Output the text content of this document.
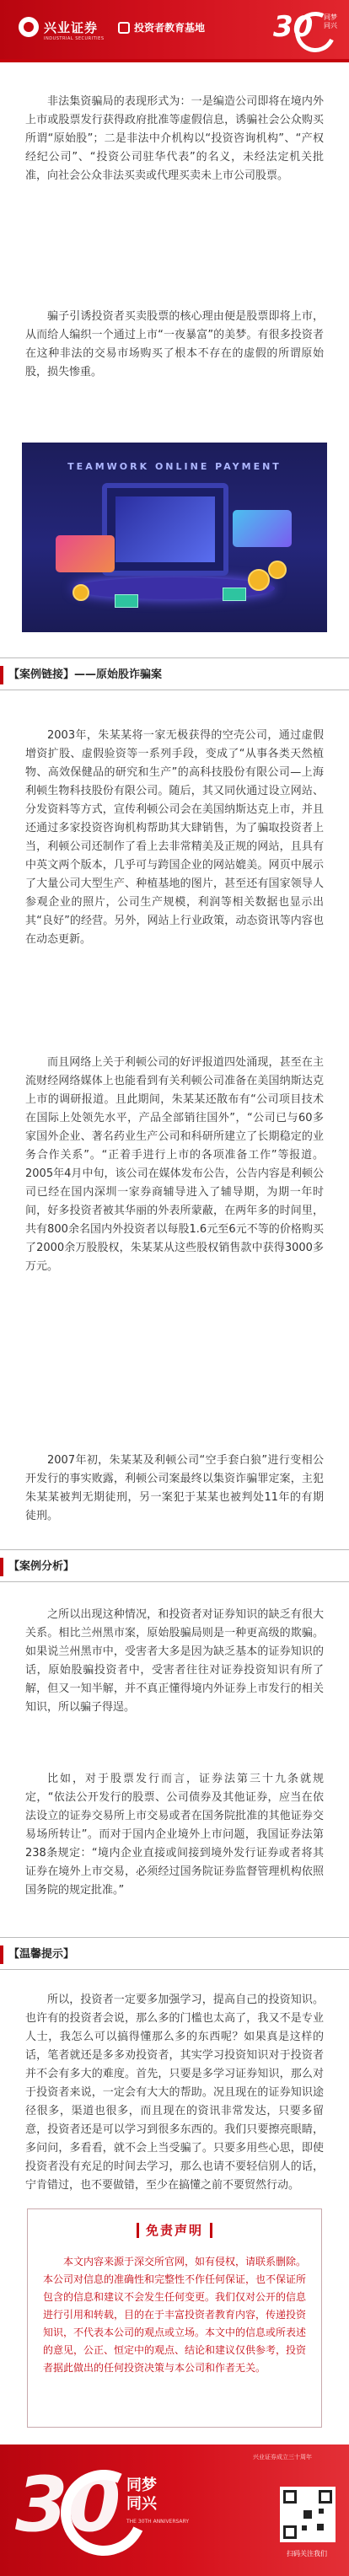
兴业证券
INDUSTRIAL SECURITIES
投资者教育基地 30 同梦 同兴

非法集资骗局的表现形式为：一是编造公司即将在境内外上市或股票发行获得政府批准等虚假信息，诱骗社会公众购买所谓“原始股”；二是非法中介机构以“投资咨询机构”、“产权经纪公司”、“投资公司驻华代表”的名义，未经法定机关批准，向社会公众非法买卖或代理买卖未上市公司股票。

骗子引诱投资者买卖股票的核心理由便是股票即将上市，从而给人编织一个通过上市“一夜暴富”的美梦。有很多投资者在这种非法的交易市场购买了根本不存在的虚假的所谓原始股，损失惨重。

TEAMWORK ONLINE PAYMENT
【案例链接】——原始股诈骗案

2003年，朱某某将一家无极获得的空壳公司，通过虚假增资扩股、虚假验资等一系列手段，变成了“从事各类天然植物、高效保健品的研究和生产”的高科技股份有限公司—上海利顿生物科技股份有限公司。随后，其又同伙通过设立网站、分发资料等方式，宣传利顿公司会在美国纳斯达克上市，并且还通过多家投资咨询机构帮助其大肆销售，为了骗取投资者上当，利顿公司还制作了看上去非常精美及正规的网站，且具有中英文两个版本，几乎可与跨国企业的网站媲美。网页中展示了大量公司大型生产、种植基地的图片，甚至还有国家领导人参观企业的照片，公司生产规模，利润等相关数据也显示出其“良好”的经营。另外，网站上行业政策，动态资讯等内容也在动态更新。

而且网络上关于利顿公司的好评报道四处涌现，甚至在主流财经网络媒体上也能看到有关利顿公司准备在美国纳斯达克上市的调研报道。且此期间，朱某某还散布有“公司项目技术在国际上处领先水平，产品全部销往国外”，“公司已与60多家国外企业、著名药业生产公司和科研所建立了长期稳定的业务合作关系”。“正着手进行上市的各项准备工作”等报道。2005年4月中旬，该公司在媒体发布公告，公告内容是利顿公司已经在国内深圳一家券商辅导进入了辅导期，为期一年时间，好多投资者被其华丽的外表所蒙蔽，在两年多的时间里，共有800余名国内外投资者以每股1.6元至6元不等的价格购买了2000余万股股权，朱某某从这些股权销售款中获得3000多万元。

2007年初，朱某某及利顿公司“空手套白狼”进行变相公开发行的事实败露，利顿公司案最终以集资诈骗罪定案，主犯朱某某被判无期徒刑，另一案犯于某某也被判处11年的有期徒刑。

【案例分析】

之所以出现这种情况，和投资者对证券知识的缺乏有很大关系。相比兰州黑市案，原始股骗局则是一种更高级的欺骗。如果说兰州黑市中，受害者大多是因为缺乏基本的证券知识的话，原始股骗投资者中，受害者往往对证券投资知识有所了解，但又一知半解，并不真正懂得境内外证券上市发行的相关知识，所以骗子得逞。

比如，对于股票发行而言，证券法第三十九条就规定，“依法公开发行的股票、公司债券及其他证券，应当在依法设立的证券交易所上市交易或者在国务院批准的其他证券交易场所转让”。而对于国内企业境外上市问题，我国证券法第238条规定：“境内企业直接或间接到境外发行证券或者将其证券在境外上市交易，必须经过国务院证券监督管理机构依照国务院的规定批准。”

【温馨提示】

所以，投资者一定要多加强学习，提高自己的投资知识。也许有的投资者会说，那么多的门槛也太高了，我又不是专业人士，我怎么可以搞得懂那么多的东西呢？如果真是这样的话，笔者就还是多多劝投资者，其实学习投资知识对于投资者并不会有多大的难度。首先，只要是多学习证券知识，那么对于投资者来说，一定会有大大的帮助。况且现在的证券知识途径很多，渠道也很多，而且现在的资讯非常发达，只要多留意，投资者还是可以学习到很多东西的。我们只要擦亮眼睛，多问问，多看看，就不会上当受骗了。只要多用些心思，即使投资者没有充足的时间去学习，那么也请不要轻信别人的话，宁肯错过，也不要做错，至少在搞懂之前不要贸然行动。

免责声明

本文内容来源于深交所官网，如有侵权，请联系删除。本公司对信息的准确性和完整性不作任何保证，也不保证所包含的信息和建议不会发生任何变更。我们仅对公开的信息进行引用和转载，目的在于丰富投资者教育内容，传递投资知识，不代表本公司的观点或立场。本文中的信息或所表述的意见，公正、恒定中的观点、结论和建议仅供参考，投资者据此做出的任何投资决策与本公司和作者无关。

30 同梦
同兴
THE 30TH ANNIVERSARY
兴业证券成立三十周年
扫码关注我们
